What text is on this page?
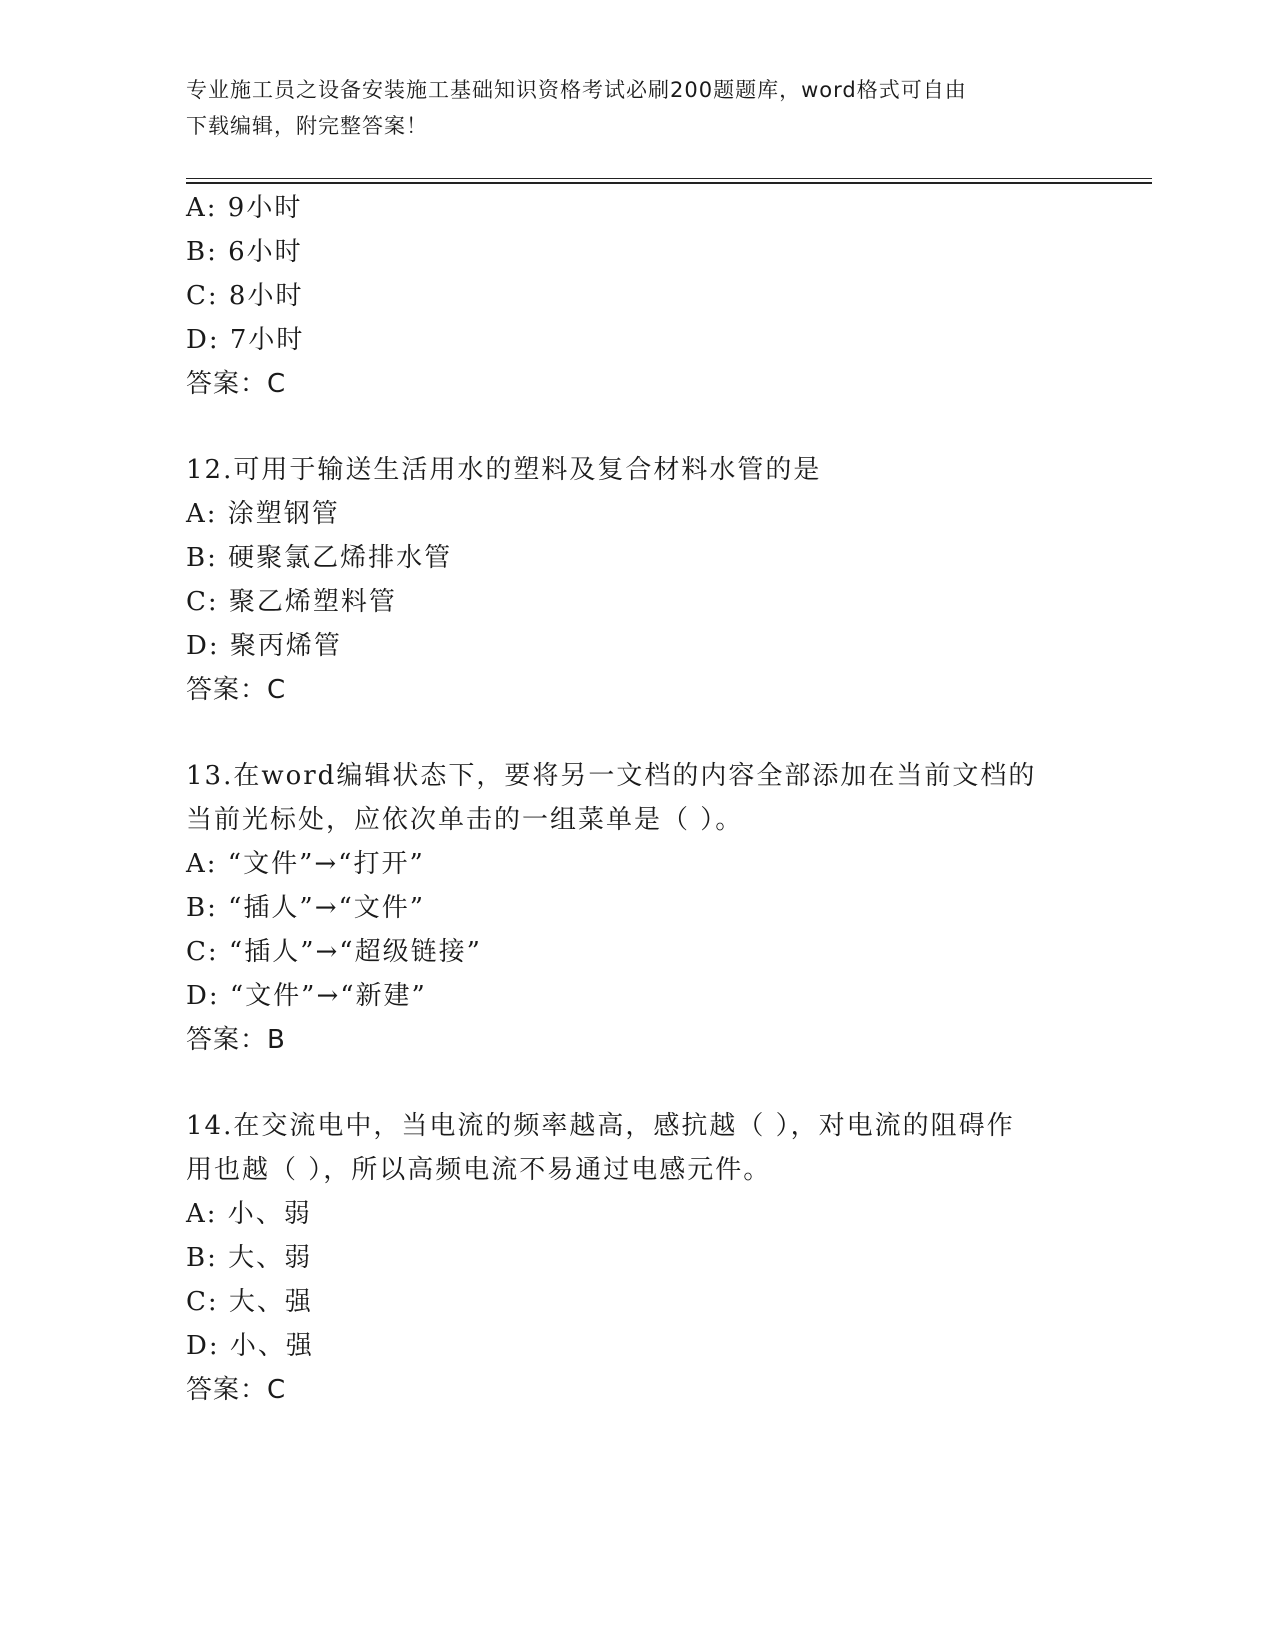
专业施工员之设备安装施工基础知识资格考试必刷200题题库，word格式可自由
下载编辑，附完整答案！
A: 9小时
B: 6小时
C: 8小时
D: 7小时
答案：C
12.可用于输送生活用水的塑料及复合材料水管的是
A: 涂塑钢管
B: 硬聚氯乙烯排水管
C: 聚乙烯塑料管
D: 聚丙烯管
答案：C
13.在word编辑状态下，要将另一文档的内容全部添加在当前文档的
当前光标处，应依次单击的一组菜单是（ ）。
A: “文件”→“打开”
B: “插人”→“文件”
C: “插人”→“超级链接”
D: “文件”→“新建”
答案：B
14.在交流电中，当电流的频率越高，感抗越（ ），对电流的阻碍作
用也越（ ），所以高频电流不易通过电感元件。
A: 小、弱
B: 大、弱
C: 大、强
D: 小、强
答案：C
